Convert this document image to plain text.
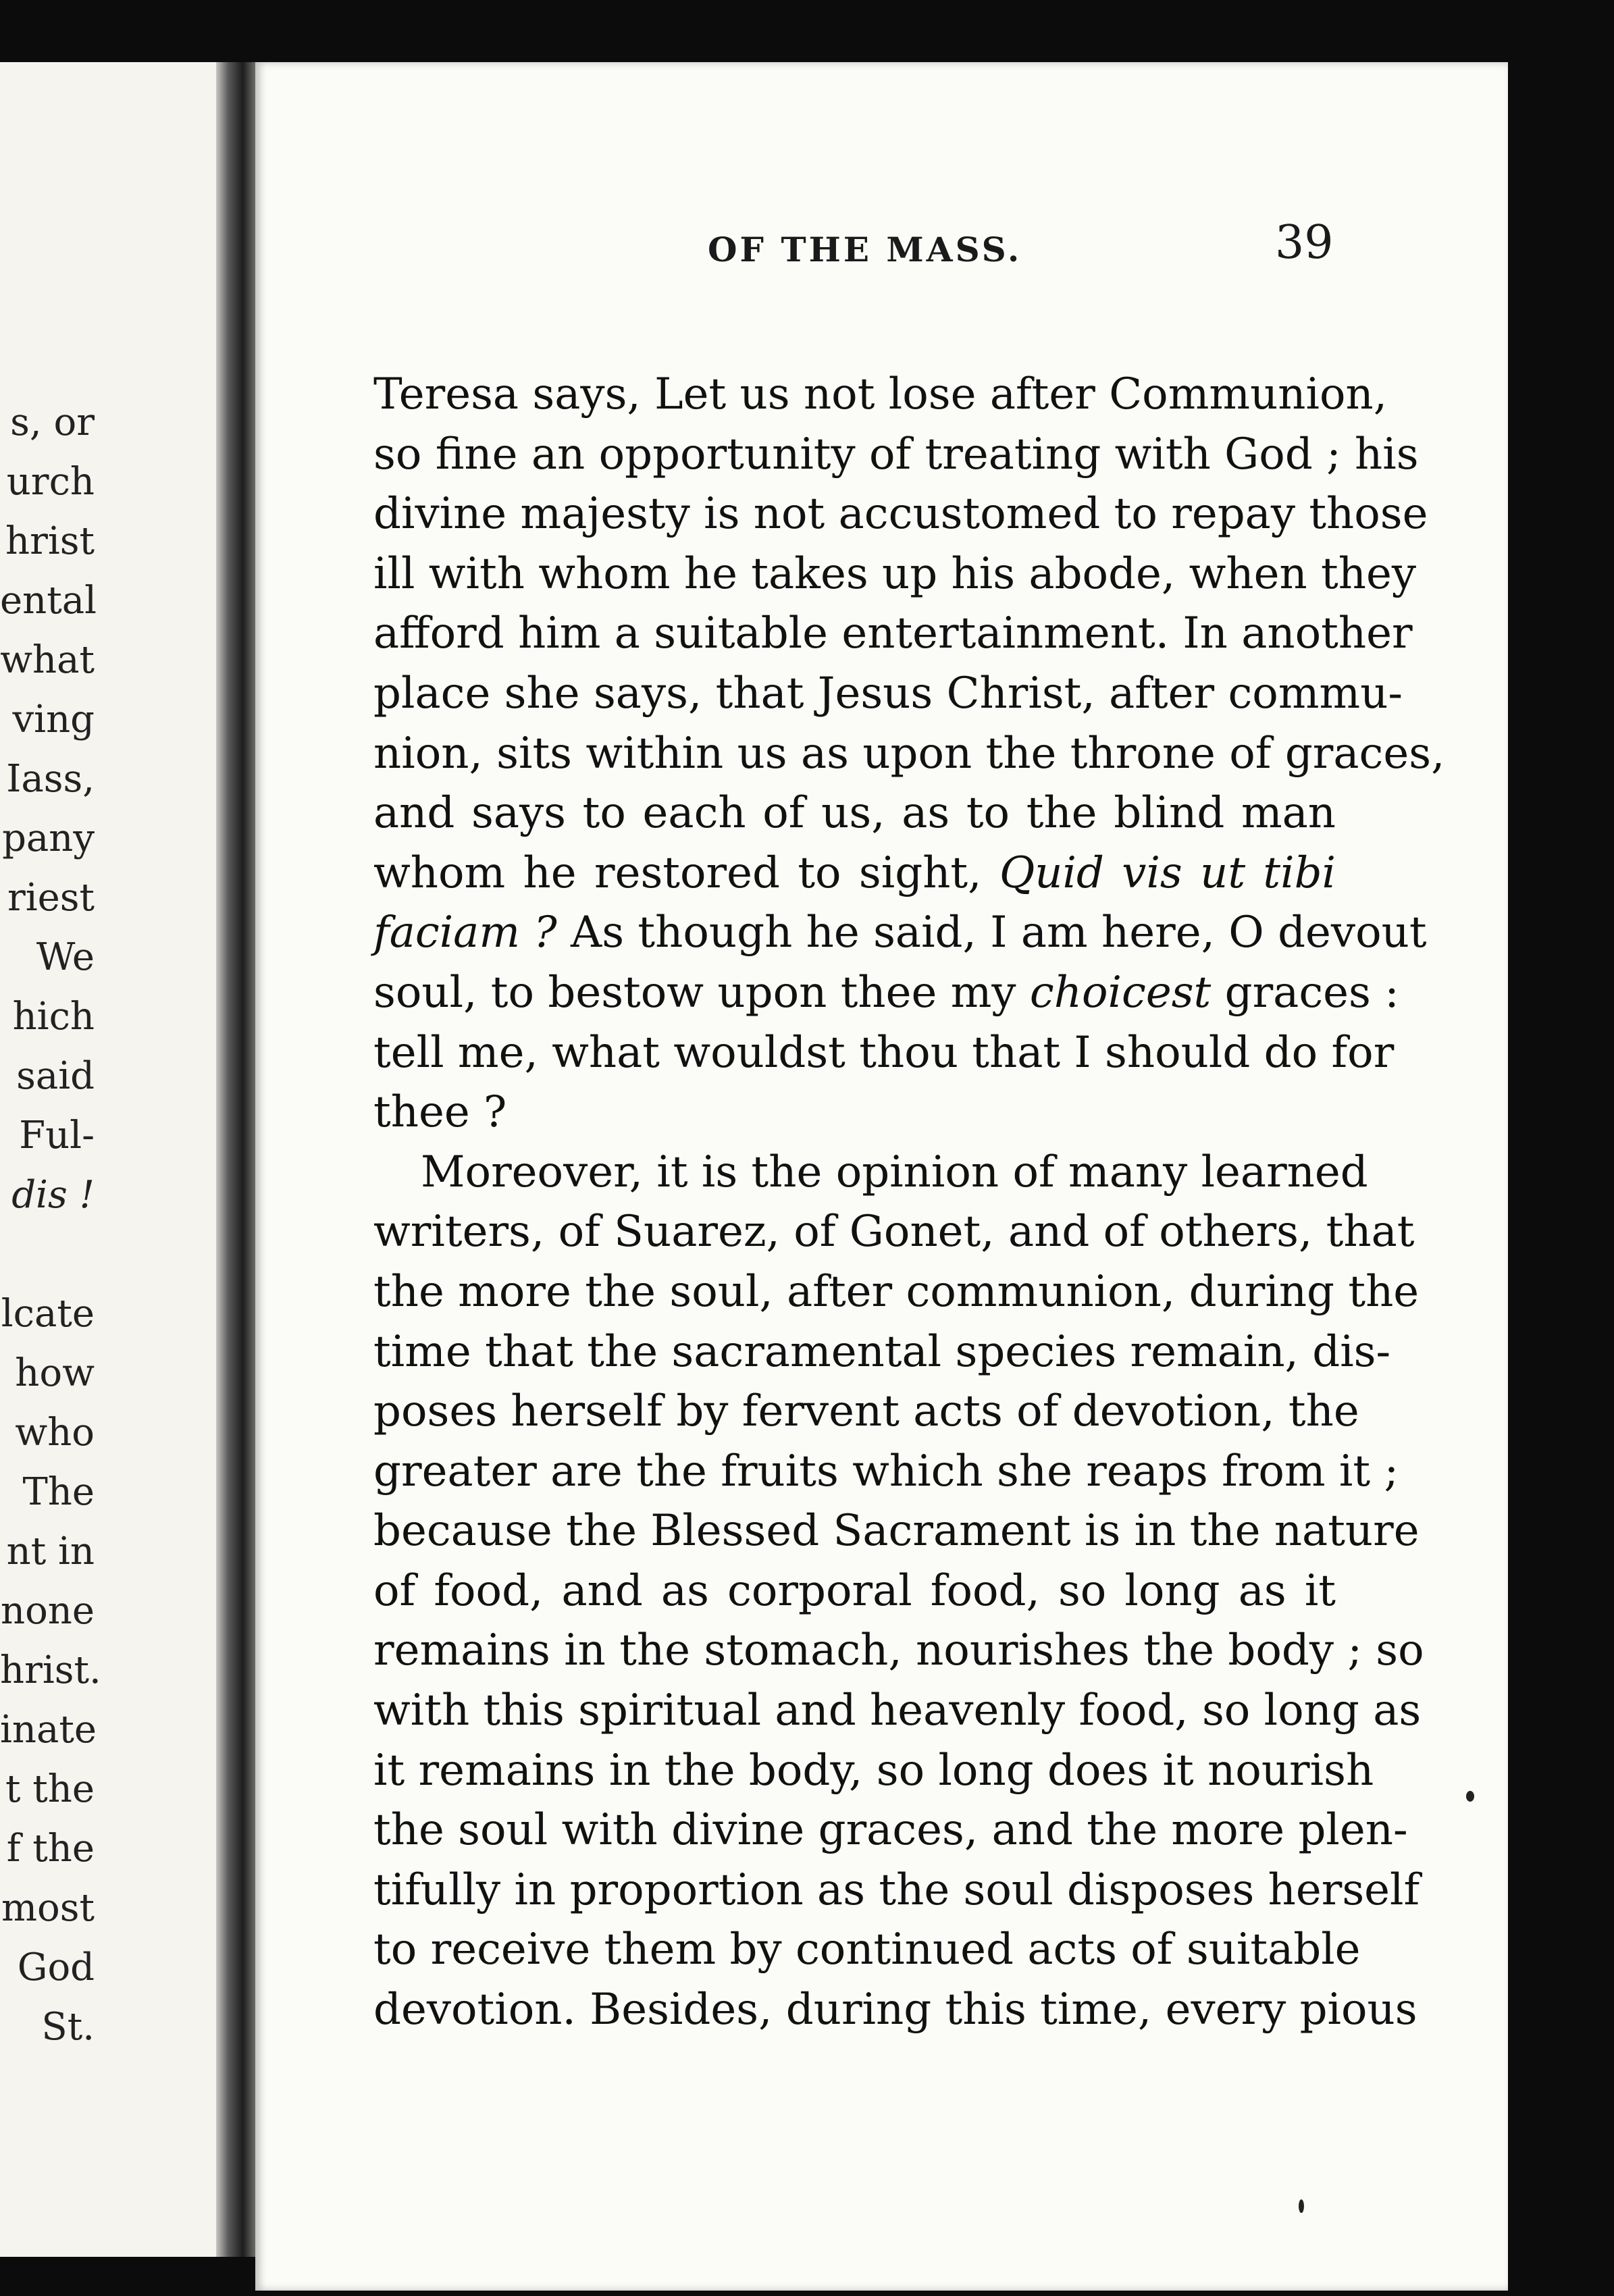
s, or
urch
hrist
ental
what
ving
Iass,
pany
riest
We
hich
said
Ful-
dis !
lcate
how
who
The
nt in
none
hrist.
inate
t the
f the
most
God
St.
OF THE MASS.	39
Teresa says, Let us not lose after Communion,
so fine an opportunity of treating with God ; his
divine majesty is not accustomed to repay those
ill with whom he takes up his abode, when they
afford him a suitable entertainment. In another
place she says, that Jesus Christ, after commu-
nion, sits within us as upon the throne of graces,
and says to each of us, as to the blind man
whom he restored to sight, Quid vis ut tibi
faciam ? As though he said, I am here, O devout
soul, to bestow upon thee my choicest graces :
tell me, what wouldst thou that I should do for
thee ?
Moreover, it is the opinion of many learned
writers, of Suarez, of Gonet, and of others, that
the more the soul, after communion, during the
time that the sacramental species remain, dis-
poses herself by fervent acts of devotion, the
greater are the fruits which she reaps from it ;
because the Blessed Sacrament is in the nature
of food, and as corporal food, so long as it
remains in the stomach, nourishes the body ; so
with this spiritual and heavenly food, so long as
it remains in the body, so long does it nourish
the soul with divine graces, and the more plen-
tifully in proportion as the soul disposes herself
to receive them by continued acts of suitable
devotion. Besides, during this time, every pious
